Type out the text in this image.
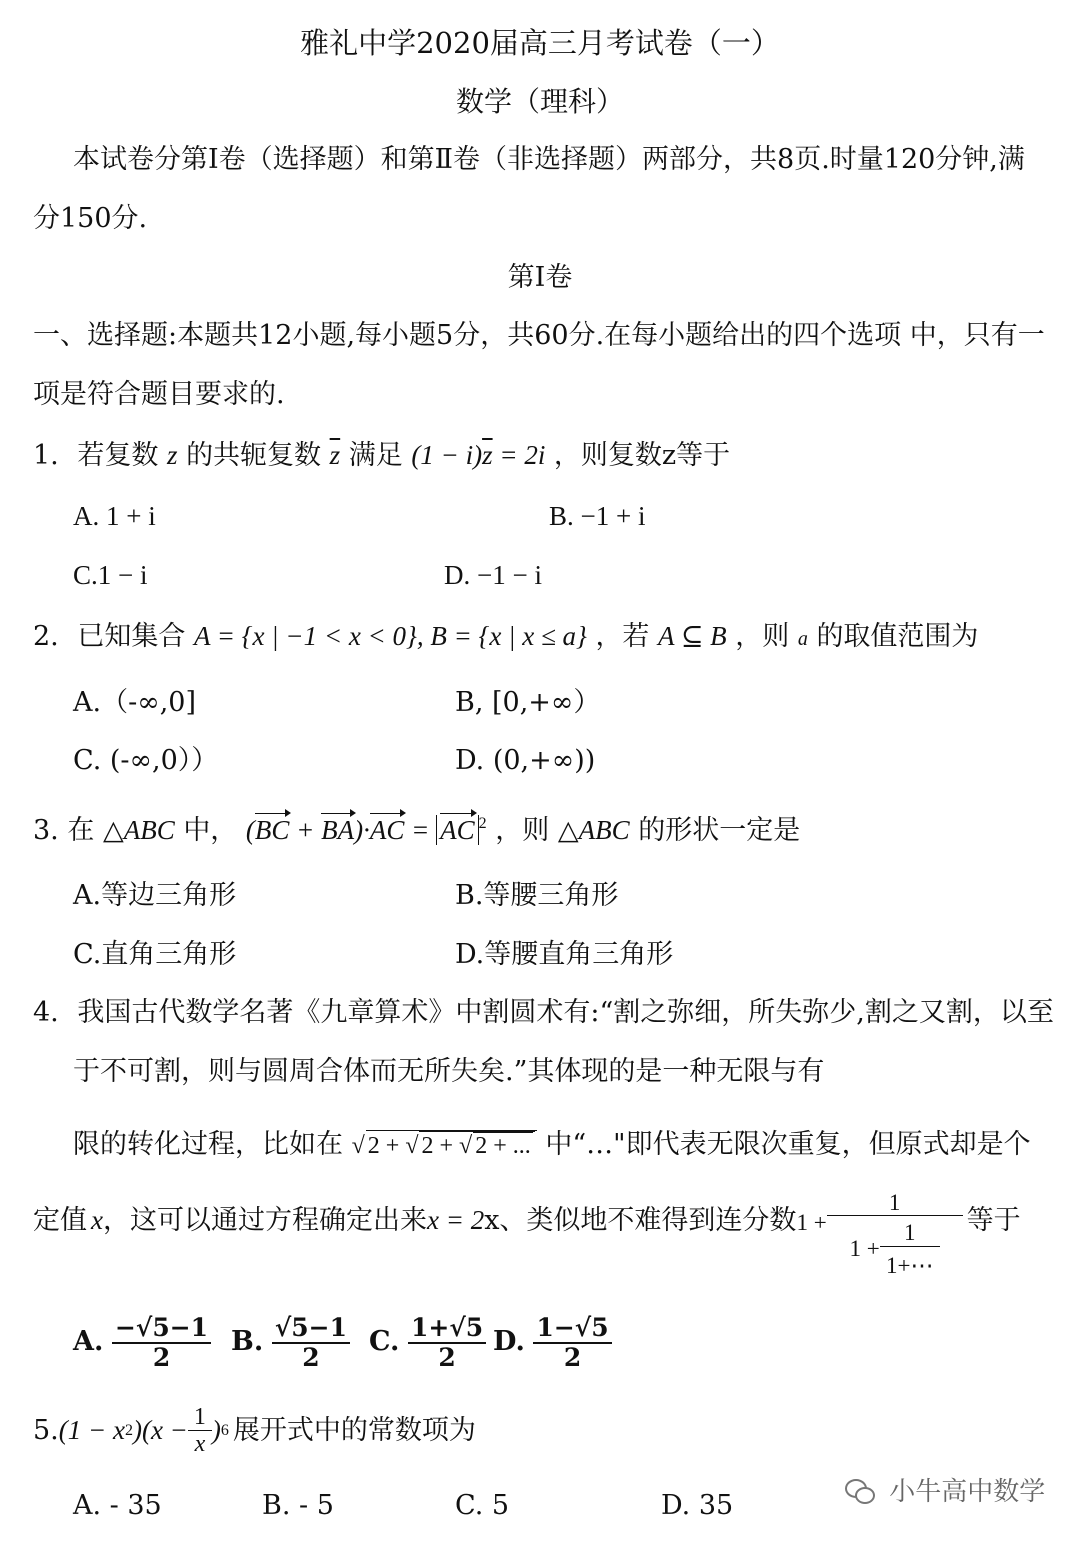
雅礼中学2020届高三月考试卷（一）
数学（理科）
本试卷分第Ⅰ卷（选择题）和第Ⅱ卷（非选择题）两部分，共8页.时量120分钟,满
分150分.
第Ⅰ卷
一、选择题:本题共12小题,每小题5分，共60分.在每小题给出的四个选项 中，只有一
项是符合题目要求的.
1. 若复数 z 的共轭复数 $\overline{z}$ 满足 $(1 - i)\overline{z} = 2i$ ，则复数z等于
A. 1 + i	B. −1 + i
C.1 − i	D. −1 − i
2. 已知集合 A = {x | −1 < x < 0}, B = {x | x ≤ a} ，若 A ⊆ B ，则 a 的取值范围为
A.（-∞,0]	B, [0,+∞）
C. (-∞,0））	D. (0,+∞))
3. 在 △ABC 中， (BC + BA)·AC = AC $^2$ ，则 △ABC 的形状一定是
A.等边三角形	B.等腰三角形
C.直角三角形	D.等腰直角三角形
4. 我国古代数学名著《九章算术》中割圆术有:“割之弥细，所失弥少,割之又割，以至
于不可割，则与圆周合体而无所失矣.”其体现的是一种无限与有
限的转化过程，比如在 √ 2 + √ 2 + √ 2 + ... 中“…"即代表无限次重复，但原式却是个
定值 x ，这可以通过方程确定出来 x = 2 x、类似地不难得到连分数 $1 + \frac{1}{1 + \frac{1}{1+\cdots}}$ 等于
A. $\frac{-√5-1}{2} B$. $\frac{√5-1}{2} C$. $\frac{1+√5}{2} D$. $\frac{1-√5}{2}$
5. (1 − x 2 )($x - \frac{1}{x}$ ) 6 展开式中的常数项为
A. - 35	B. - 5	C. 5	D. 35	小牛高中数学
